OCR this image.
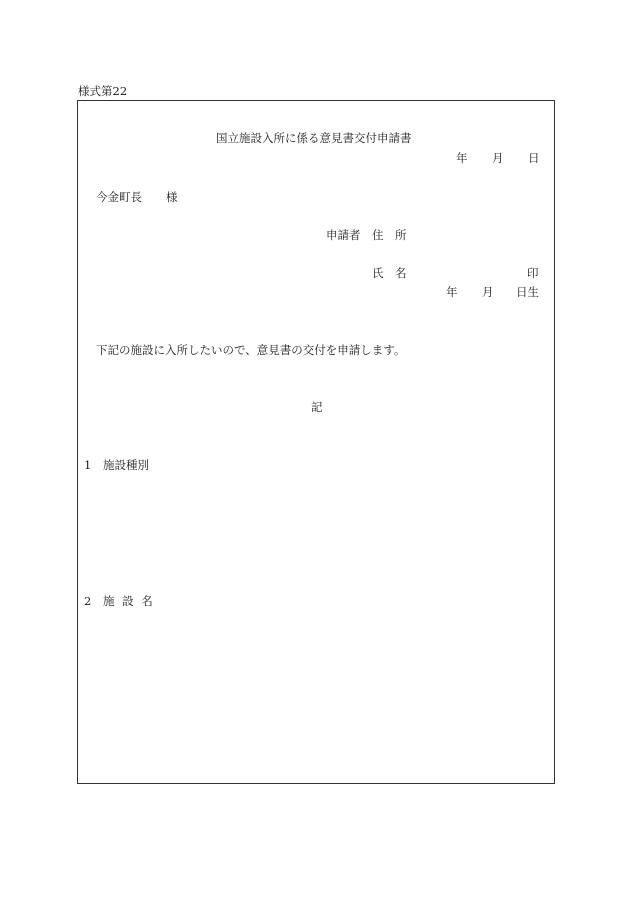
様式第22
国立施設入所に係る意見書交付申請書
年 月 日
今金町長 様
申請者 住　所
氏　名	印
年 月 日生
下記の施設に入所したいので、意見書の交付を申請します。
記
1 施設種別
2 施 設 名
